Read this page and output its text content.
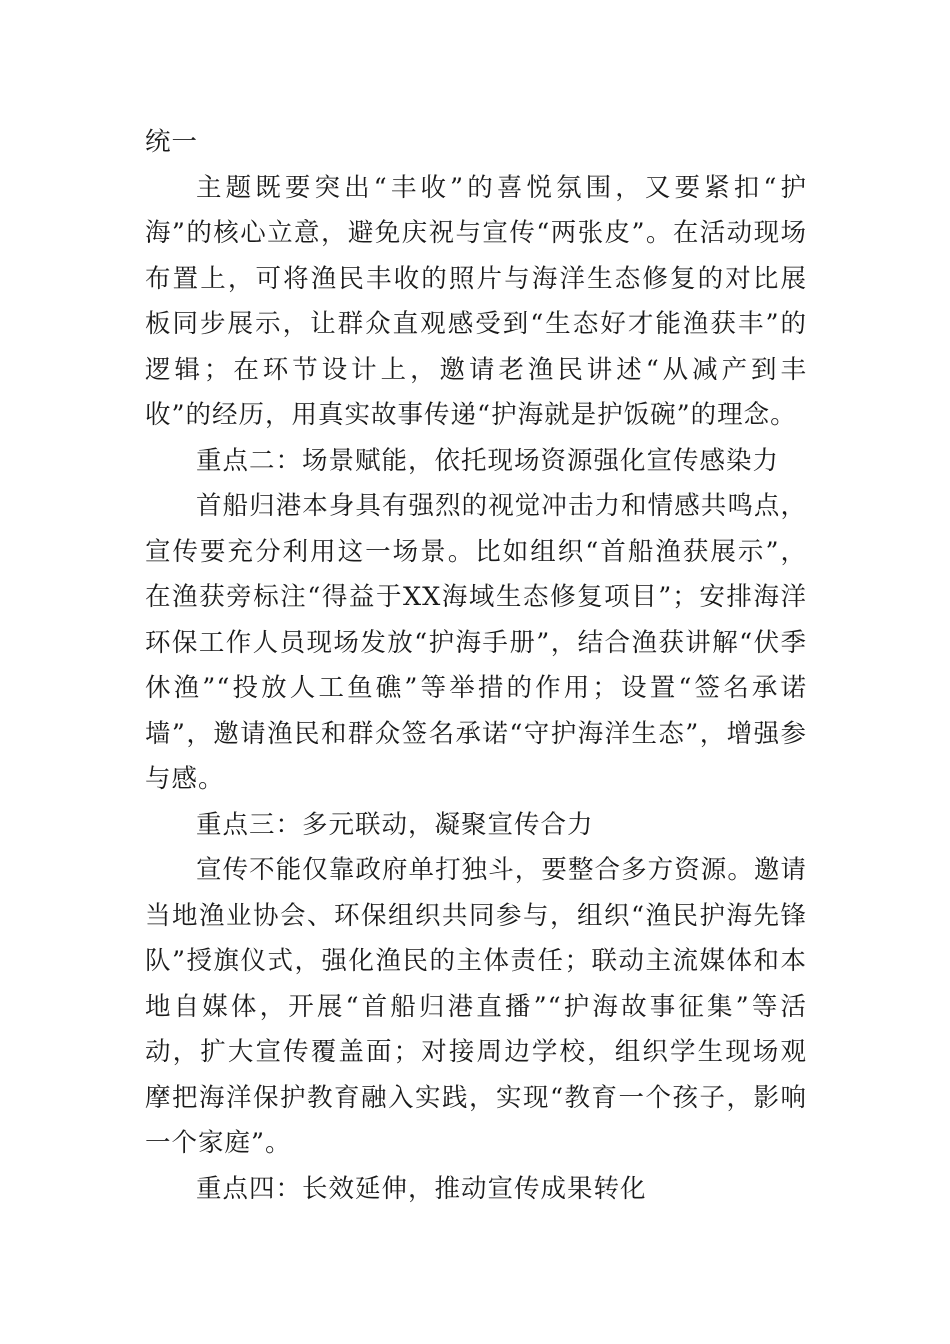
统一

主题既要突出“丰收”的喜悦氛围，又要紧扣“护海”的核心立意，避免庆祝与宣传“两张皮”。在活动现场布置上，可将渔民丰收的照片与海洋生态修复的对比展板同步展示，让群众直观感受到“生态好才能渔获丰”的逻辑；在环节设计上，邀请老渔民讲述“从减产到丰收”的经历，用真实故事传递“护海就是护饭碗”的理念。

重点二：场景赋能，依托现场资源强化宣传感染力

首船归港本身具有强烈的视觉冲击力和情感共鸣点，宣传要充分利用这一场景。比如组织“首船渔获展示”，在渔获旁标注“得益于XX海域生态修复项目”；安排海洋环保工作人员现场发放“护海手册”，结合渔获讲解“伏季休渔”“投放人工鱼礁”等举措的作用；设置“签名承诺墙”，邀请渔民和群众签名承诺“守护海洋生态”，增强参与感。

重点三：多元联动，凝聚宣传合力

宣传不能仅靠政府单打独斗，要整合多方资源。邀请当地渔业协会、环保组织共同参与，组织“渔民护海先锋队”授旗仪式，强化渔民的主体责任；联动主流媒体和本地自媒体，开展“首船归港直播”“护海故事征集”等活动，扩大宣传覆盖面；对接周边学校，组织学生现场观摩把海洋保护教育融入实践，实现“教育一个孩子，影响一个家庭”。

重点四：长效延伸，推动宣传成果转化
